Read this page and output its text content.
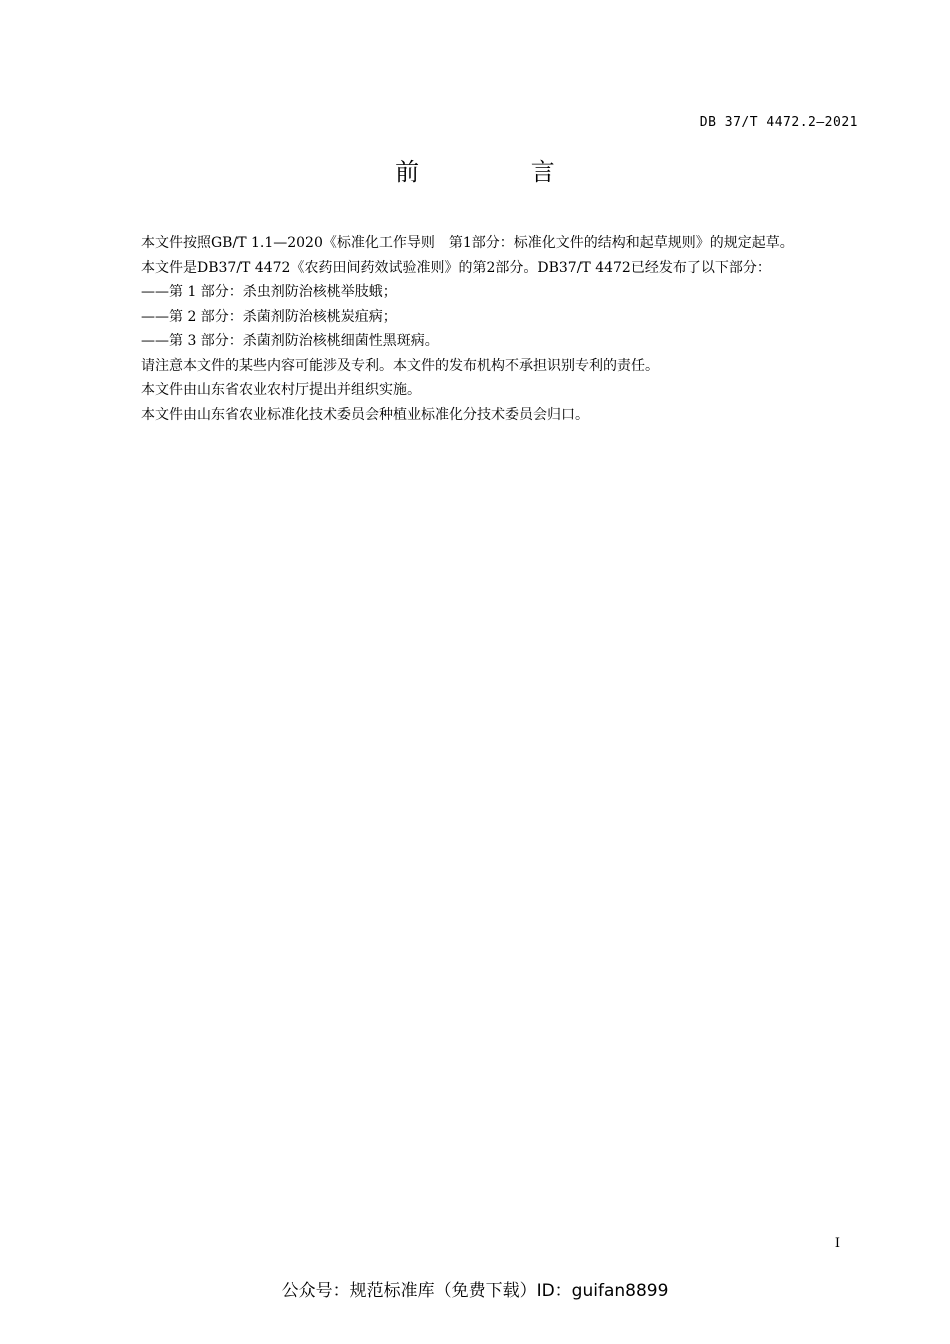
DB 37/T 4472.2—2021
前 言

本文件按照GB/T 1.1—2020《标准化工作导则　第1部分：标准化文件的结构和起草规则》的规定起草。

本文件是DB37/T 4472《农药田间药效试验准则》的第2部分。DB37/T 4472已经发布了以下部分：

——第 1 部分：杀虫剂防治核桃举肢蛾；

——第 2 部分：杀菌剂防治核桃炭疽病；

——第 3 部分：杀菌剂防治核桃细菌性黑斑病。

请注意本文件的某些内容可能涉及专利。本文件的发布机构不承担识别专利的责任。

本文件由山东省农业农村厅提出并组织实施。

本文件由山东省农业标准化技术委员会种植业标准化分技术委员会归口。

I
公众号：规范标准库（免费下载）ID：guifan8899
